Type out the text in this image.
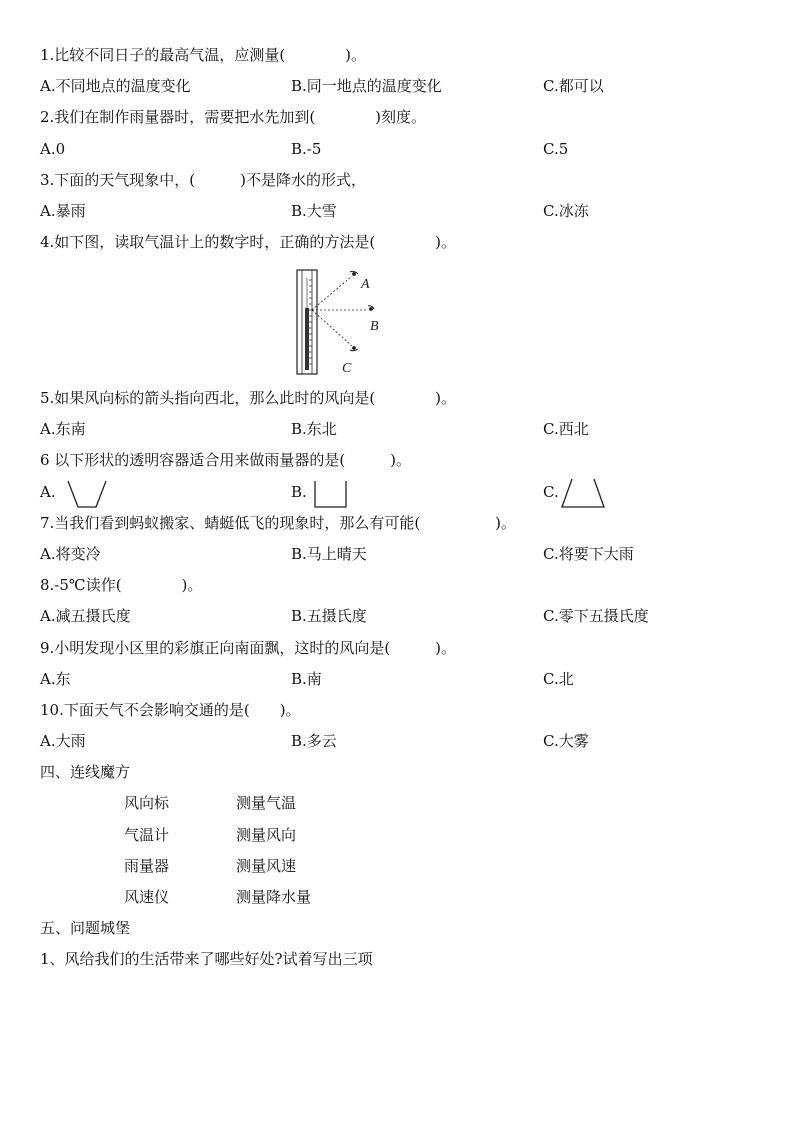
1.比较不同日子的最高气温，应测量(　　　　)。
A.不同地点的温度变化	B.同一地点的温度变化	C.都可以
2.我们在制作雨量器时，需要把水先加到(　　　　)刻度。
A.0	B.-5	C.5
3.下面的天气现象中，(　　　)不是降水的形式，
A.暴雨	B.大雪	C.冰冻
4.如下图，读取气温计上的数字时，正确的方法是(　　　　)。
A
B
C
5.如果风向标的箭头指向西北，那么此时的风向是(　　　　)。
A.东南	B.东北	C.西北
6 以下形状的透明容器适合用来做雨量器的是(　　　)。
A.	B.	C.
7.当我们看到蚂蚁搬家、蜻蜓低飞的现象时，那么有可能(　　　　　)。
A.将变冷	B.马上晴天	C.将要下大雨
8.-5℃读作(　　　　)。
A.减五摄氏度	B.五摄氏度	C.零下五摄氏度
9.小明发现小区里的彩旗正向南面飘，这时的风向是(　　　)。
A.东	B.南	C.北
10.下面天气不会影响交通的是(　　)。
A.大雨	B.多云	C.大雾
四、连线魔方
风向标	测量气温
气温计	测量风向
雨量器	测量风速
风速仪	测量降水量
五、问题城堡
1、风给我们的生活带来了哪些好处?试着写出三项
